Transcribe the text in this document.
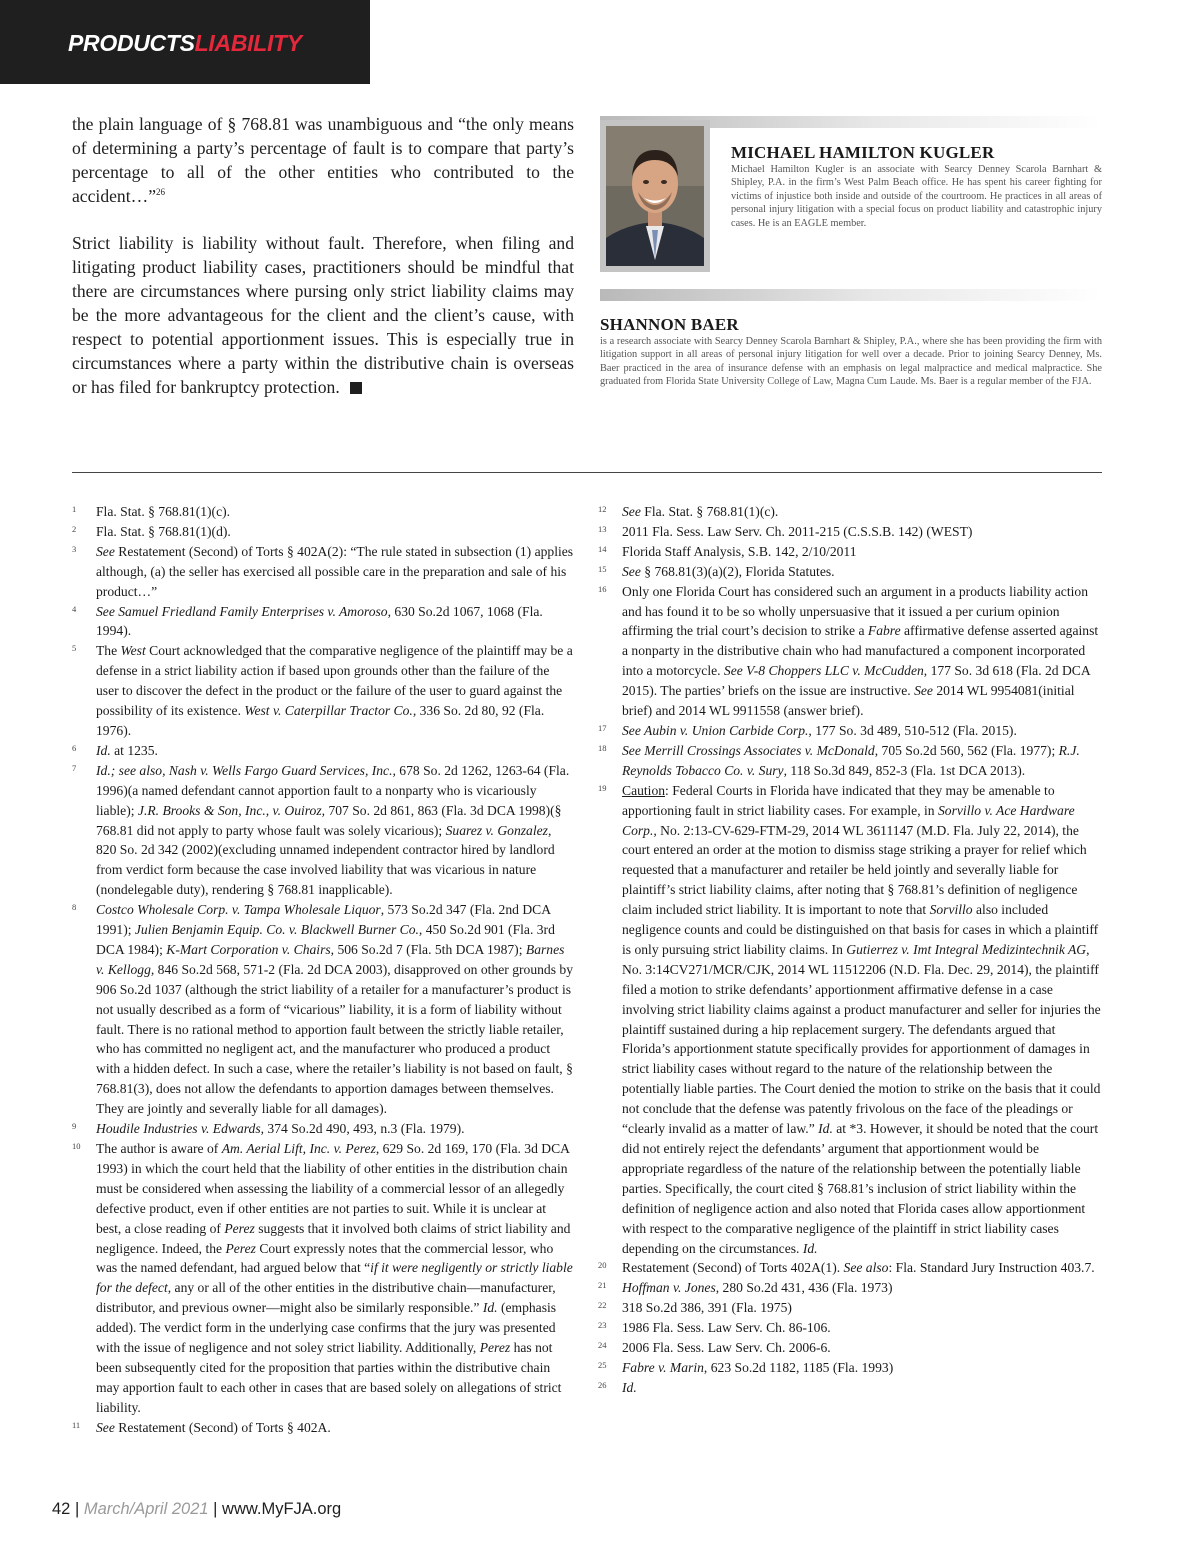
PRODUCTSLIABILITY

the plain language of § 768.81 was unambiguous and “the only means of determining a party’s percentage of fault is to compare that party’s percentage to all of the other entities who contributed to the accident…”$^{26}$

Strict liability is liability without fault. Therefore, when filing and litigating product liability cases, practitioners should be mindful that there are circumstances where pursing only strict liability claims may be the more advantageous for the client and the client’s cause, with respect to potential apportionment issues. This is especially true in circumstances where a party within the distributive chain is overseas or has filed for bankruptcy protection.

MICHAEL HAMILTON KUGLER
Michael Hamilton Kugler is an associate with Searcy Denney Scarola Barnhart & Shipley, P.A. in the firm’s West Palm Beach office. He has spent his career fighting for victims of injustice both inside and outside of the courtroom. He practices in all areas of personal injury litigation with a special focus on product liability and catastrophic injury cases. He is an EAGLE member.
SHANNON BAER
is a research associate with Searcy Denney Scarola Barnhart & Shipley, P.A., where she has been providing the firm with litigation support in all areas of personal injury litigation for well over a decade. Prior to joining Searcy Denney, Ms. Baer practiced in the area of insurance defense with an emphasis on legal malpractice and medical malpractice. She graduated from Florida State University College of Law, Magna Cum Laude. Ms. Baer is a regular member of the FJA.
1 Fla. Stat. § 768.81(1)(c).
2 Fla. Stat. § 768.81(1)(d).
3 See Restatement (Second) of Torts § 402A(2): “The rule stated in subsection (1) applies although, (a) the seller has exercised all possible care in the preparation and sale of his product…”
4 See Samuel Friedland Family Enterprises v. Amoroso, 630 So.2d 1067, 1068 (Fla. 1994).
5 The West Court acknowledged that the comparative negligence of the plaintiff may be a defense in a strict liability action if based upon grounds other than the failure of the user to discover the defect in the product or the failure of the user to guard against the possibility of its existence. West v. Caterpillar Tractor Co., 336 So. 2d 80, 92 (Fla. 1976).
6 Id. at 1235.
7 Id.; see also, Nash v. Wells Fargo Guard Services, Inc., 678 So. 2d 1262, 1263-64 (Fla. 1996)(a named defendant cannot apportion fault to a nonparty who is vicariously liable); J.R. Brooks & Son, Inc., v. Ouiroz, 707 So. 2d 861, 863 (Fla. 3d DCA 1998)(§ 768.81 did not apply to party whose fault was solely vicarious); Suarez v. Gonzalez, 820 So. 2d 342 (2002)(excluding unnamed independent contractor hired by landlord from verdict form because the case involved liability that was vicarious in nature (nondelegable duty), rendering § 768.81 inapplicable).
8 Costco Wholesale Corp. v. Tampa Wholesale Liquor, 573 So.2d 347 (Fla. 2nd DCA 1991); Julien Benjamin Equip. Co. v. Blackwell Burner Co., 450 So.2d 901 (Fla. 3rd DCA 1984); K-Mart Corporation v. Chairs, 506 So.2d 7 (Fla. 5th DCA 1987); Barnes v. Kellogg, 846 So.2d 568, 571-2 (Fla. 2d DCA 2003), disapproved on other grounds by 906 So.2d 1037 (although the strict liability of a retailer for a manufacturer’s product is not usually described as a form of “vicarious” liability, it is a form of liability without fault. There is no rational method to apportion fault between the strictly liable retailer, who has committed no negligent act, and the manufacturer who produced a product with a hidden defect. In such a case, where the retailer’s liability is not based on fault, § 768.81(3), does not allow the defendants to apportion damages between themselves. They are jointly and severally liable for all damages).
9 Houdile Industries v. Edwards, 374 So.2d 490, 493, n.3 (Fla. 1979).
10 The author is aware of Am. Aerial Lift, Inc. v. Perez, 629 So. 2d 169, 170 (Fla. 3d DCA 1993) in which the court held that the liability of other entities in the distribution chain must be considered when assessing the liability of a commercial lessor of an allegedly defective product, even if other entities are not parties to suit. While it is unclear at best, a close reading of Perez suggests that it involved both claims of strict liability and negligence. Indeed, the Perez Court expressly notes that the commercial lessor, who was the named defendant, had argued below that “if it were negligently or strictly liable for the defect, any or all of the other entities in the distributive chain—manufacturer, distributor, and previous owner—might also be similarly responsible.” Id. (emphasis added). The verdict form in the underlying case confirms that the jury was presented with the issue of negligence and not soley strict liability. Additionally, Perez has not been subsequently cited for the proposition that parties within the distributive chain may apportion fault to each other in cases that are based solely on allegations of strict liability.
11 See Restatement (Second) of Torts § 402A.
12 See Fla. Stat. § 768.81(1)(c).
13 2011 Fla. Sess. Law Serv. Ch. 2011-215 (C.S.S.B. 142) (WEST)
14 Florida Staff Analysis, S.B. 142, 2/10/2011
15 See § 768.81(3)(a)(2), Florida Statutes.
16 Only one Florida Court has considered such an argument in a products liability action and has found it to be so wholly unpersuasive that it issued a per curium opinion affirming the trial court’s decision to strike a Fabre affirmative defense asserted against a nonparty in the distributive chain who had manufactured a component incorporated into a motorcycle. See V-8 Choppers LLC v. McCudden, 177 So. 3d 618 (Fla. 2d DCA 2015). The parties’ briefs on the issue are instructive. See 2014 WL 9954081(initial brief) and 2014 WL 9911558 (answer brief).
17 See Aubin v. Union Carbide Corp., 177 So. 3d 489, 510-512 (Fla. 2015).
18 See Merrill Crossings Associates v. McDonald, 705 So.2d 560, 562 (Fla. 1977); R.J. Reynolds Tobacco Co. v. Sury, 118 So.3d 849, 852-3 (Fla. 1st DCA 2013).
19 Caution: Federal Courts in Florida have indicated that they may be amenable to apportioning fault in strict liability cases. For example, in Sorvillo v. Ace Hardware Corp., No. 2:13-CV-629-FTM-29, 2014 WL 3611147 (M.D. Fla. July 22, 2014), the court entered an order at the motion to dismiss stage striking a prayer for relief which requested that a manufacturer and retailer be held jointly and severally liable for plaintiff’s strict liability claims, after noting that § 768.81’s definition of negligence claim included strict liability. It is important to note that Sorvillo also included negligence counts and could be distinguished on that basis for cases in which a plaintiff is only pursuing strict liability claims. In Gutierrez v. Imt Integral Medizintechnik AG, No. 3:14CV271/MCR/CJK, 2014 WL 11512206 (N.D. Fla. Dec. 29, 2014), the plaintiff filed a motion to strike defendants’ apportionment affirmative defense in a case involving strict liability claims against a product manufacturer and seller for injuries the plaintiff sustained during a hip replacement surgery. The defendants argued that Florida’s apportionment statute specifically provides for apportionment of damages in strict liability cases without regard to the nature of the relationship between the potentially liable parties. The Court denied the motion to strike on the basis that it could not conclude that the defense was patently frivolous on the face of the pleadings or “clearly invalid as a matter of law.” Id. at *3. However, it should be noted that the court did not entirely reject the defendants’ argument that apportionment would be appropriate regardless of the nature of the relationship between the potentially liable parties. Specifically, the court cited § 768.81’s inclusion of strict liability within the definition of negligence action and also noted that Florida cases allow apportionment with respect to the comparative negligence of the plaintiff in strict liability cases depending on the circumstances. Id.
20 Restatement (Second) of Torts 402A(1). See also: Fla. Standard Jury Instruction 403.7.
21 Hoffman v. Jones, 280 So.2d 431, 436 (Fla. 1973)
22 318 So.2d 386, 391 (Fla. 1975)
23 1986 Fla. Sess. Law Serv. Ch. 86-106.
24 2006 Fla. Sess. Law Serv. Ch. 2006-6.
25 Fabre v. Marin, 623 So.2d 1182, 1185 (Fla. 1993)
26 Id.
42 | March/April 2021 | www.MyFJA.org
